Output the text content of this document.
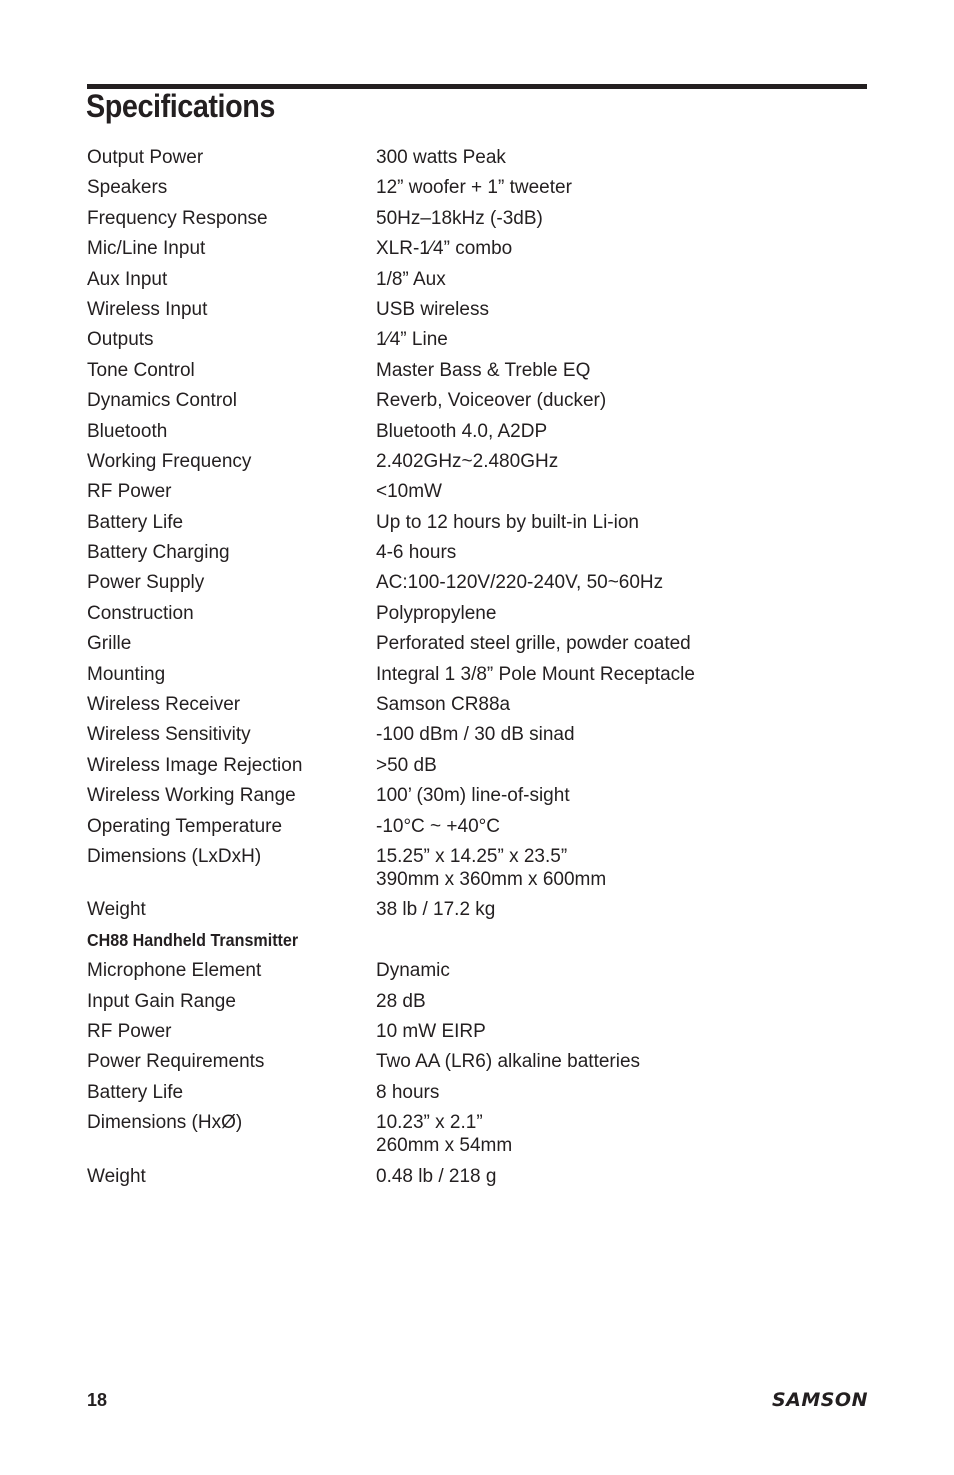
Specifications
Output Power	300 watts Peak
Speakers	12” woofer + 1” tweeter
Frequency Response	50Hz–18kHz (-3dB)
Mic/Line Input	XLR-1⁄4” combo
Aux Input	1/8” Aux
Wireless Input	USB wireless
Outputs	1⁄4” Line
Tone Control	Master Bass & Treble EQ
Dynamics Control	Reverb, Voiceover (ducker)
Bluetooth	Bluetooth 4.0, A2DP
Working Frequency	2.402GHz~2.480GHz
RF Power	<10mW
Battery Life	Up to 12 hours by built-in Li-ion
Battery Charging	4-6 hours
Power Supply	AC:100-120V/220-240V, 50~60Hz
Construction	Polypropylene
Grille	Perforated steel grille, powder coated
Mounting	Integral 1 3/8” Pole Mount Receptacle
Wireless Receiver	Samson CR88a
Wireless Sensitivity	-100 dBm / 30 dB sinad
Wireless Image Rejection	>50 dB
Wireless Working Range	100’ (30m) line-of-sight
Operating Temperature	-10°C ~ +40°C
Dimensions (LxDxH)	15.25” x 14.25” x 23.5”
390mm x 360mm x 600mm
Weight	38 lb / 17.2 kg
CH88 Handheld Transmitter
Microphone Element	Dynamic
Input Gain Range	28 dB
RF Power	10 mW EIRP
Power Requirements	Two AA (LR6) alkaline batteries
Battery Life	8 hours
Dimensions (HxØ)	10.23” x 2.1”
260mm x 54mm
Weight	0.48 lb / 218 g
18	SAMSON
